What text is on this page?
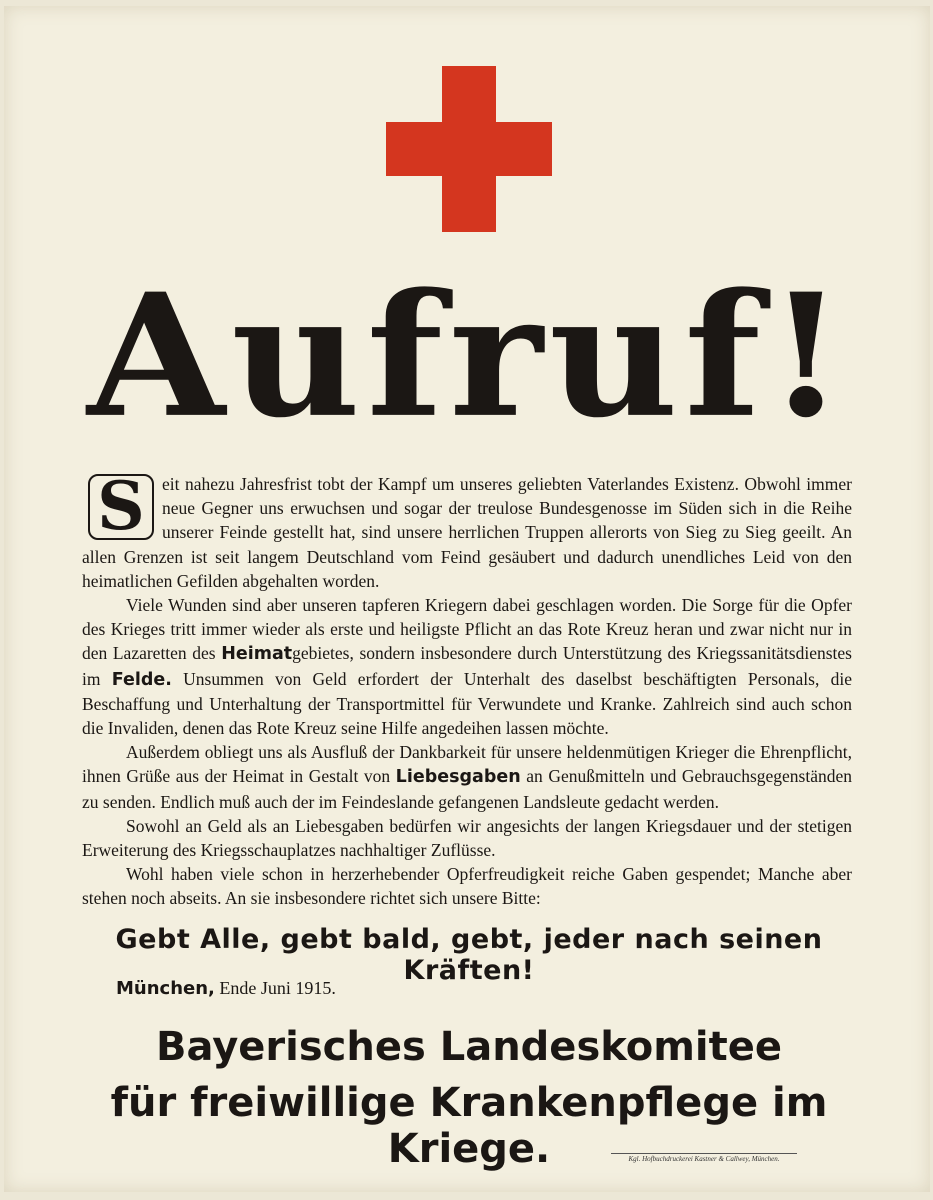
Aufruf!

S eit nahezu Jahresfrist tobt der Kampf um unseres geliebten Vaterlandes Existenz. Obwohl immer neue Gegner uns erwuchsen und sogar der treulose Bundesgenosse im Süden sich in die Reihe unserer Feinde gestellt hat, sind unsere herrlichen Truppen allerorts von Sieg zu Sieg geeilt. An allen Grenzen ist seit langem Deutschland vom Feind gesäubert und dadurch unendliches Leid von den heimatlichen Gefilden abgehalten worden.

Viele Wunden sind aber unseren tapferen Kriegern dabei geschlagen worden. Die Sorge für die Opfer des Krieges tritt immer wieder als erste und heiligste Pflicht an das Rote Kreuz heran und zwar nicht nur in den Lazaretten des Heimatgebietes, sondern insbesondere durch Unterstützung des Kriegssanitätsdienstes im Felde. Unsummen von Geld erfordert der Unterhalt des daselbst beschäftigten Personals, die Beschaffung und Unterhaltung der Transportmittel für Verwundete und Kranke. Zahlreich sind auch schon die Invaliden, denen das Rote Kreuz seine Hilfe angedeihen lassen möchte.

Außerdem obliegt uns als Ausfluß der Dankbarkeit für unsere heldenmütigen Krieger die Ehrenpflicht, ihnen Grüße aus der Heimat in Gestalt von Liebesgaben an Genußmitteln und Gebrauchsgegenständen zu senden. Endlich muß auch der im Feindeslande gefangenen Landsleute gedacht werden.

Sowohl an Geld als an Liebesgaben bedürfen wir angesichts der langen Kriegsdauer und der stetigen Erweiterung des Kriegsschauplatzes nachhaltiger Zuflüsse.

Wohl haben viele schon in herzerhebender Opferfreudigkeit reiche Gaben gespendet; Manche aber stehen noch abseits. An sie insbesondere richtet sich unsere Bitte:

Gebt Alle, gebt bald, gebt, jeder nach seinen Kräften!
München, Ende Juni 1915.
Bayerisches Landeskomitee
für freiwillige Krankenpflege im Kriege.	Kgl. Hofbuchdruckerei Kastner & Callwey, München.
